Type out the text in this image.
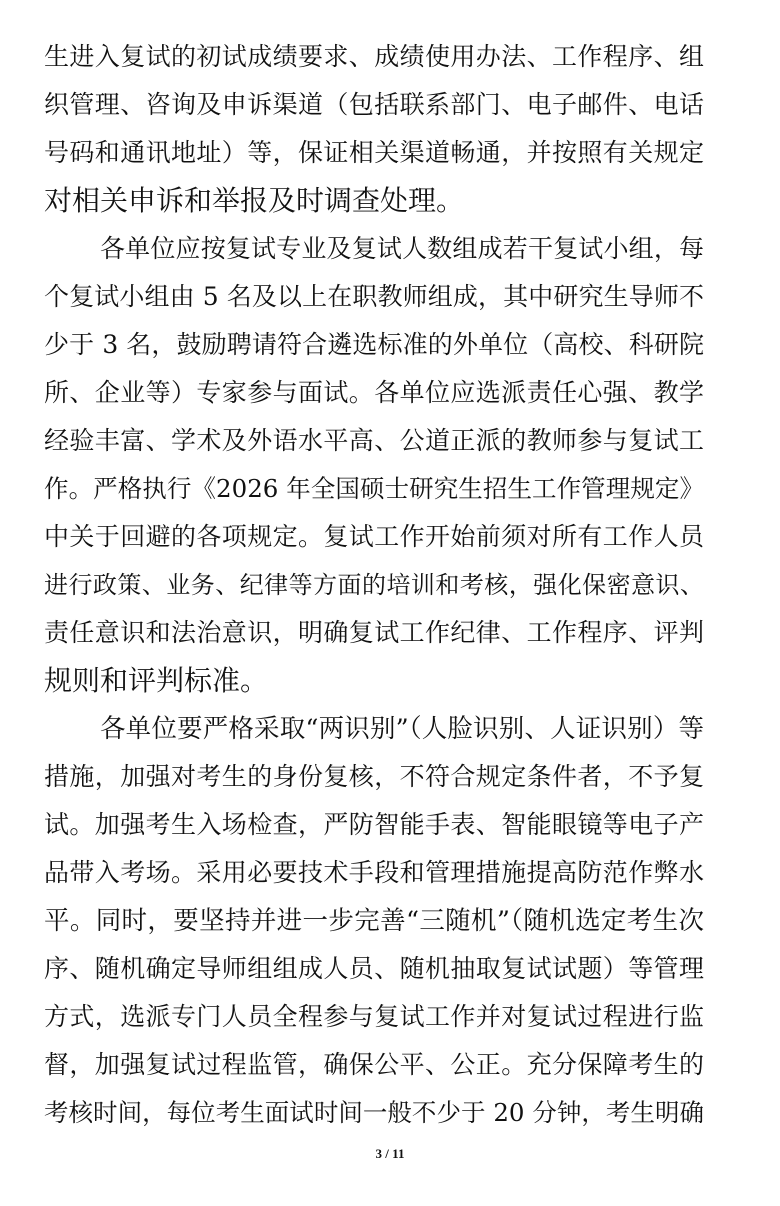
生进入复试的初试成绩要求、成绩使用办法、工作程序、组
织管理、咨询及申诉渠道（包括联系部门、电子邮件、电话
号码和通讯地址）等，保证相关渠道畅通，并按照有关规定
对相关申诉和举报及时调查处理。
各单位应按复试专业及复试人数组成若干复试小组，每
个复试小组由 5 名及以上在职教师组成，其中研究生导师不
少于 3 名，鼓励聘请符合遴选标准的外单位（高校、科研院
所、企业等）专家参与面试。各单位应选派责任心强、教学
经验丰富、学术及外语水平高、公道正派的教师参与复试工
作。严格执行《2026 年全国硕士研究生招生工作管理规定》
中关于回避的各项规定。复试工作开始前须对所有工作人员
进行政策、业务、纪律等方面的培训和考核，强化保密意识、
责任意识和法治意识，明确复试工作纪律、工作程序、评判
规则和评判标准。
各单位要严格采取“两识别”（人脸识别、人证识别）等
措施，加强对考生的身份复核，不符合规定条件者，不予复
试。加强考生入场检查，严防智能手表、智能眼镜等电子产
品带入考场。采用必要技术手段和管理措施提高防范作弊水
平。同时，要坚持并进一步完善“三随机”（随机选定考生次
序、随机确定导师组组成人员、随机抽取复试试题）等管理
方式，选派专门人员全程参与复试工作并对复试过程进行监
督，加强复试过程监管，确保公平、公正。充分保障考生的
考核时间，每位考生面试时间一般不少于 20 分钟，考生明确
3 / 11
